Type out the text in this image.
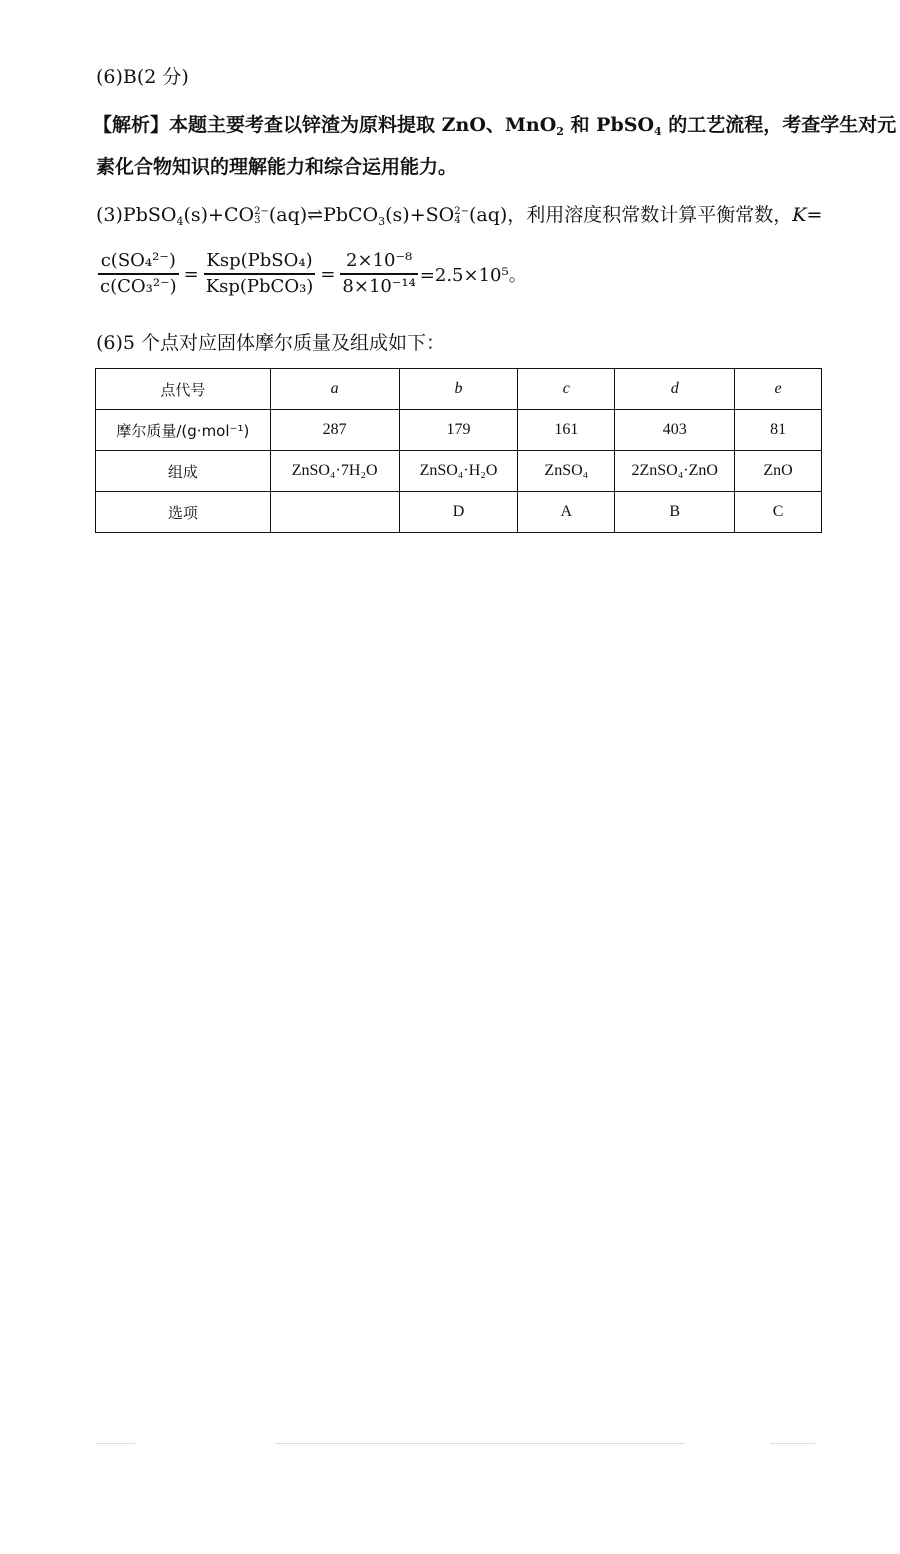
(6)B(2 分)
【解析】本题主要考查以锌渣为原料提取 ZnO、MnO$_2$ 和 PbSO$_4$ 的工艺流程，考查学生对元
素化合物知识的理解能力和综合运用能力。
(3)PbSO$_4$(s)+CO 2−
3 (aq)⇌PbCO$_3$(s)+SO 2−
4 (aq)，利用溶度积常数计算平衡常数，K=
$\frac{\text{c(SO₄²⁻)}}{\text{c(CO₃²⁻)}} = \frac{\text{Ksp(PbSO₄)}}{\text{Ksp(PbCO₃)}} = \frac{\text{2×10⁻⁸}}{\text{8×10⁻¹⁴}} =2.5\times 10^5$。
(6)5 个点对应固体摩尔质量及组成如下：
点代号	a	b	c	d	e
摩尔质量/(g·mol⁻¹)	287	179	161	403	81
组成	ZnSO₄·7H₂O	ZnSO₄·H₂O	ZnSO₄	2ZnSO₄·ZnO	ZnO
选项		D	A	B	C
